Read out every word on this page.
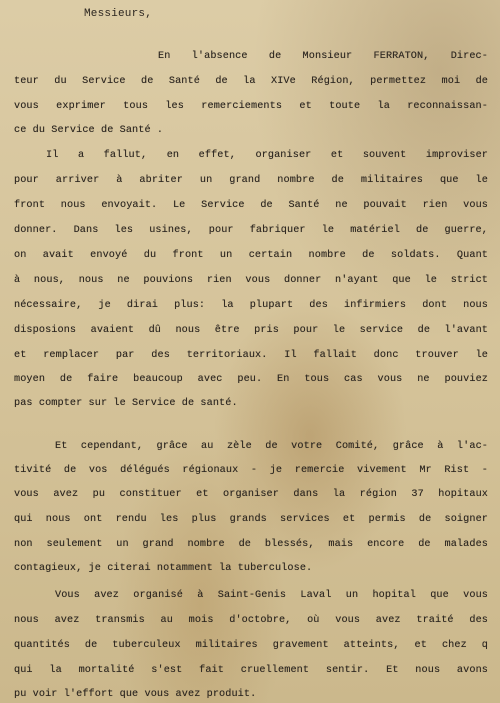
Messieurs,
En l'absence de Monsieur FERRATON, Direc-
teur du Service de Santé de la XIVe Région, permettez moi de
vous exprimer tous les remerciements et toute la reconnaissan-
ce du Service de Santé .
Il a fallut, en effet, organiser et souvent improviser
pour arriver à abriter un grand nombre de militaires que le
front nous envoyait. Le Service de Santé ne pouvait rien vous
donner. Dans les usines, pour fabriquer le matériel de guerre,
on avait envoyé du front un certain nombre de soldats. Quant
à nous, nous ne pouvions rien vous donner n'ayant que le strict
nécessaire, je dirai plus: la plupart des infirmiers dont nous
disposions avaient dû nous être pris pour le service de l'avant
et remplacer par des territoriaux. Il fallait donc trouver le
moyen de faire beaucoup avec peu. En tous cas vous ne pouviez
pas compter sur le Service de santé.
Et cependant, grâce au zèle de votre Comité, grâce à l'ac-
tivité de vos délégués régionaux - je remercie vivement Mr Rist -
vous avez pu constituer et organiser dans la région 37 hopitaux
qui nous ont rendu les plus grands services et permis de soigner
non seulement un grand nombre de blessés, mais encore de malades
contagieux, je citerai notamment la tuberculose.
Vous avez organisé à Saint-Genis Laval un hopital que vous
nous avez transmis au mois d'octobre, où vous avez traité des
quantités de tuberculeux militaires gravement atteints, et chez q
qui la mortalité s'est fait cruellement sentir. Et nous avons
pu voir l'effort que vous avez produit.
